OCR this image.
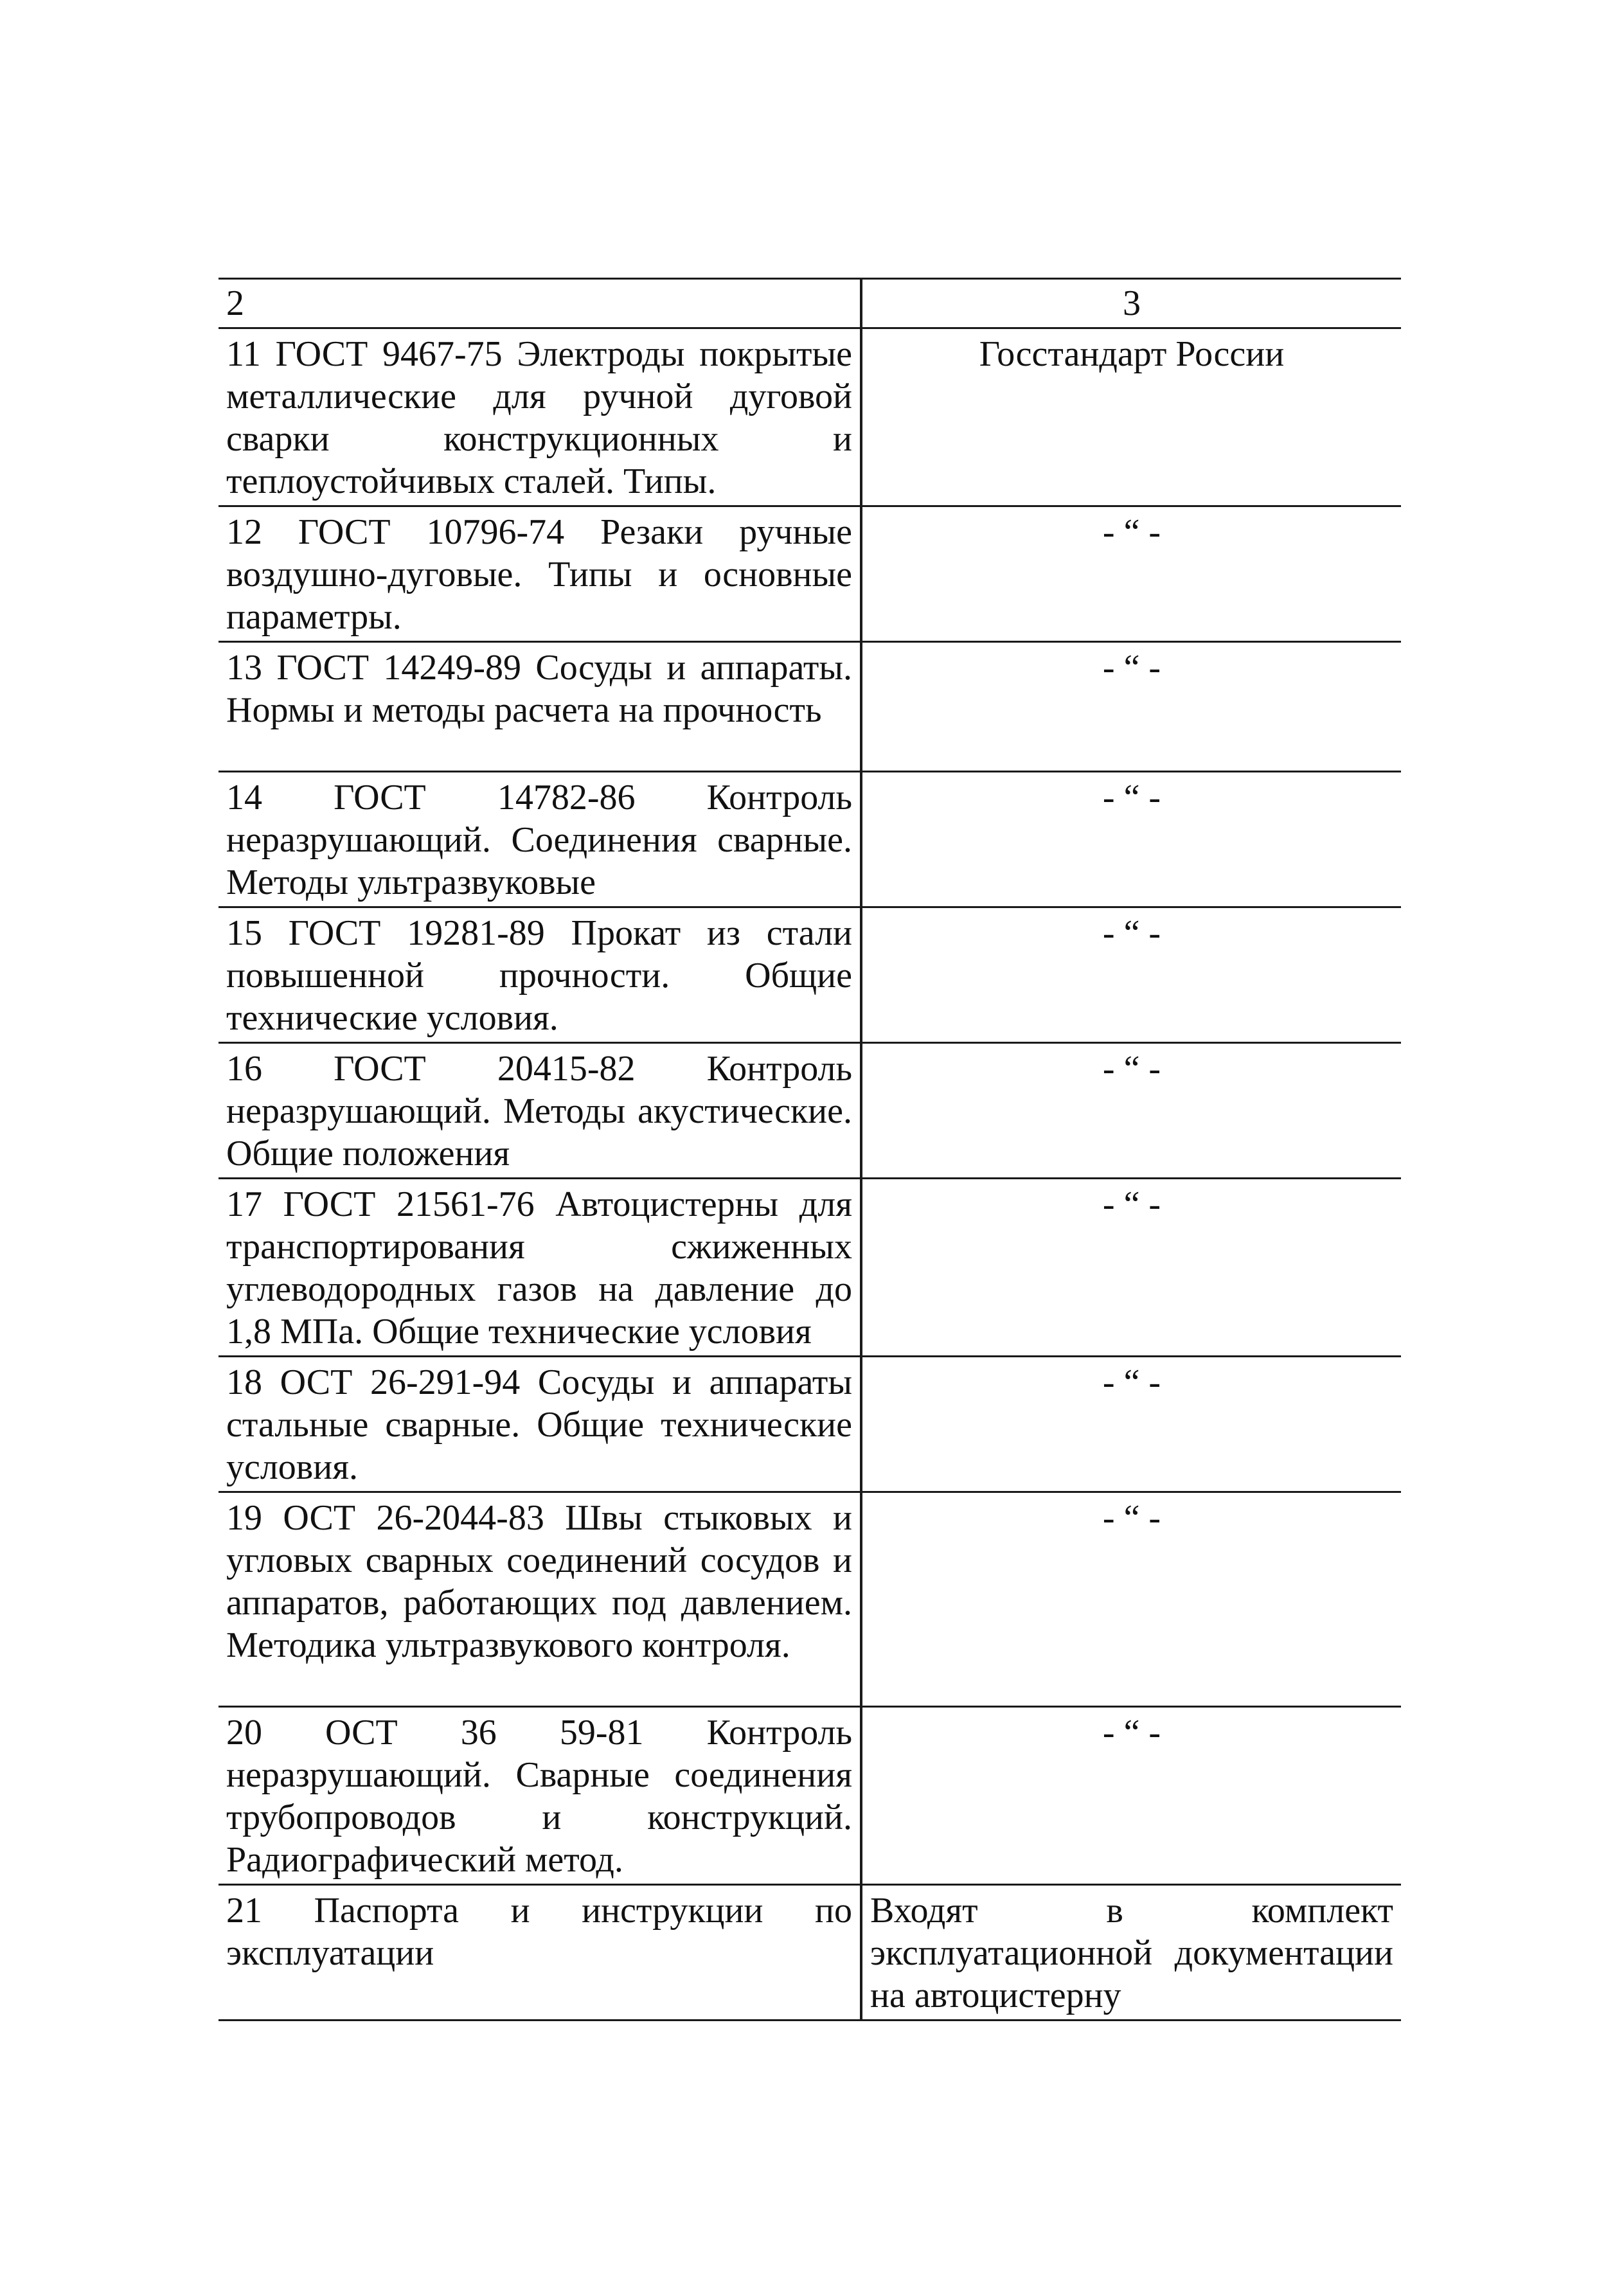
2	3
11 ГОСТ 9467-75 Электроды покрытые металлические для ручной дуговой сварки конструкционных и теплоустойчивых сталей. Типы.	Госстандарт России
12 ГОСТ 10796-74 Резаки ручные воздушно-дуговые. Типы и основные параметры.	- “ -
13 ГОСТ 14249-89 Сосуды и аппараты. Нормы и методы расчета на прочность	- “ -
14 ГОСТ 14782-86 Контроль неразрушающий. Соединения сварные. Методы ультразвуковые	- “ -
15 ГОСТ 19281-89 Прокат из стали повышенной прочности. Общие технические условия.	- “ -
16 ГОСТ 20415-82 Контроль неразрушающий. Методы акустические. Общие положения	- “ -
17 ГОСТ 21561-76 Автоцистерны для транспортирования сжиженных углеводородных газов на давление до 1,8 МПа. Общие технические условия	- “ -
18 ОСТ 26-291-94 Сосуды и аппараты стальные сварные. Общие технические условия.	- “ -
19 ОСТ 26-2044-83 Швы стыковых и угловых сварных соединений сосудов и аппаратов, работающих под давлением. Методика ультразвукового контроля.	- “ -
20 ОСТ 36 59-81 Контроль неразрушающий. Сварные соединения трубопроводов и конструкций. Радиографический метод.	- “ -
21 Паспорта и инструкции по эксплуатации	Входят в комплект эксплуатационной документации на автоцистерну
